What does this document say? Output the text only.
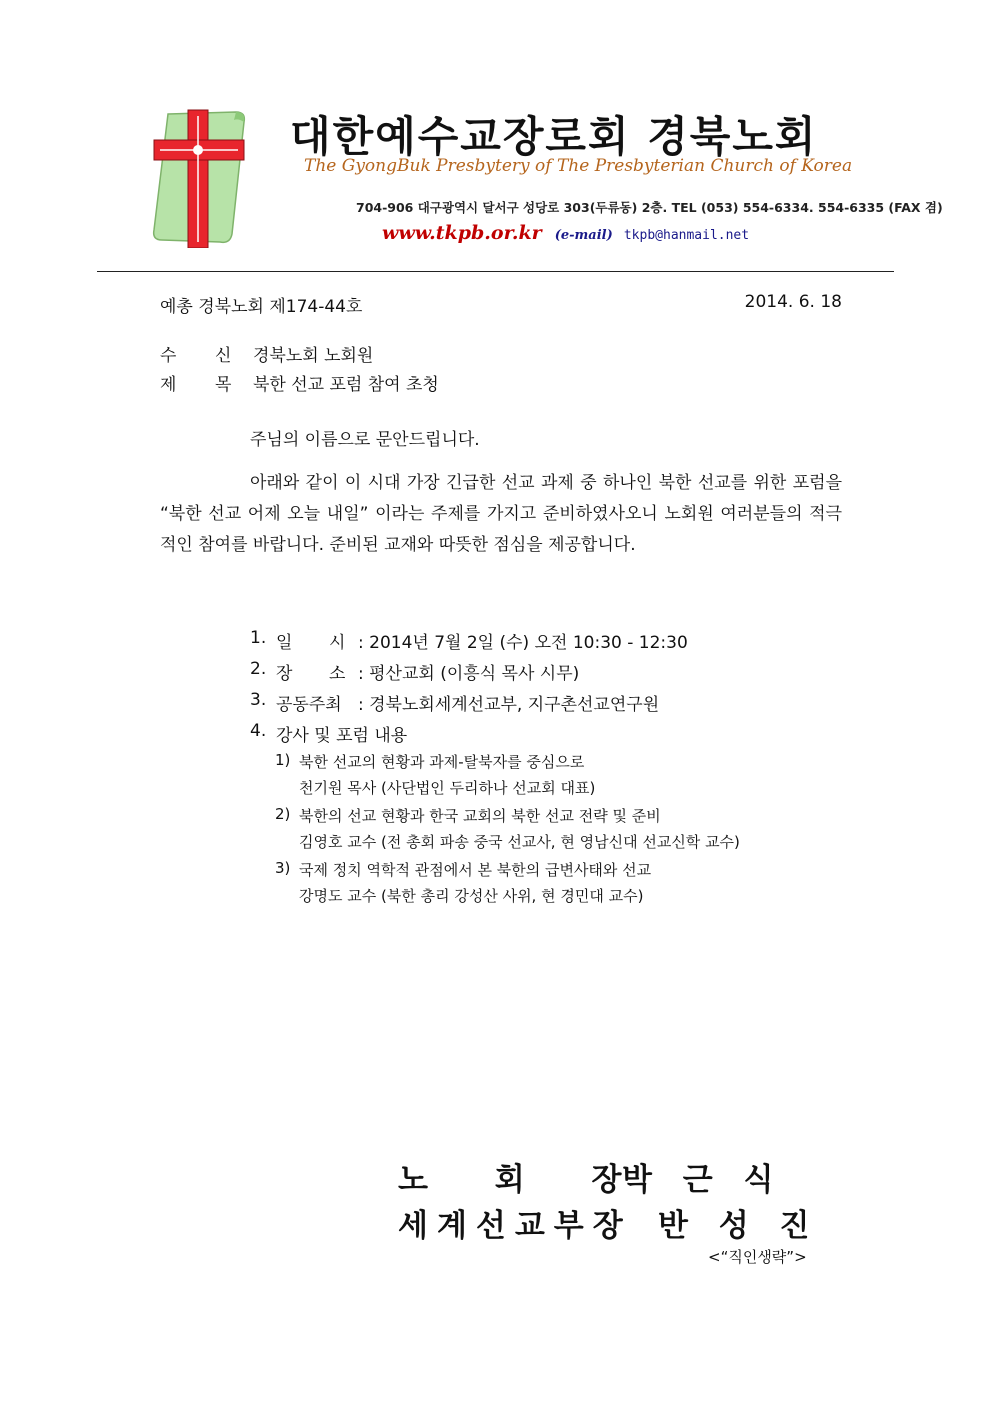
대한예수교장로회 경북노회
The GyongBuk Presbytery of The Presbyterian Church of Korea
704-906 대구광역시 달서구 성당로 303(두류동) 2층. TEL (053) 554-6334. 554-6335 (FAX 겸)
www.tkpb.or.kr (e-mail) tkpb@hanmail.net
예총 경북노회 제174-44호	2014. 6. 18
수 신 경북노회 노회원
제 목 북한 선교 포럼 참여 초청
주님의 이름으로 문안드립니다.
아래와 같이 이 시대 가장 긴급한 선교 과제 중 하나인 북한 선교를 위한 포럼을 “북한 선교 어제 오늘 내일” 이라는 주제를 가지고 준비하였사오니 노회원 여러분들의 적극적인 참여를 바랍니다. 준비된 교재와 따뜻한 점심을 제공합니다.
1. 일 시 : 2014년 7월 2일 (수) 오전 10:30 - 12:30
2. 장 소 : 평산교회 (이흥식 목사 시무)
3. 공동주최 : 경북노회세계선교부, 지구촌선교연구원
4. 강사 및 포럼 내용
1) 북한 선교의 현황과 과제-탈북자를 중심으로
천기원 목사 (사단법인 두리하나 선교회 대표)
2) 북한의 선교 현황과 한국 교회의 북한 선교 전략 및 준비
김영호 교수 (전 총회 파송 중국 선교사, 현 영남신대 선교신학 교수)
3) 국제 정치 역학적 관점에서 본 북한의 급변사태와 선교
강명도 교수 (북한 총리 강성산 사위, 현 경민대 교수)
노 회 장 박 근 식
세계선교부장 반 성 진
<“직인생략”>
